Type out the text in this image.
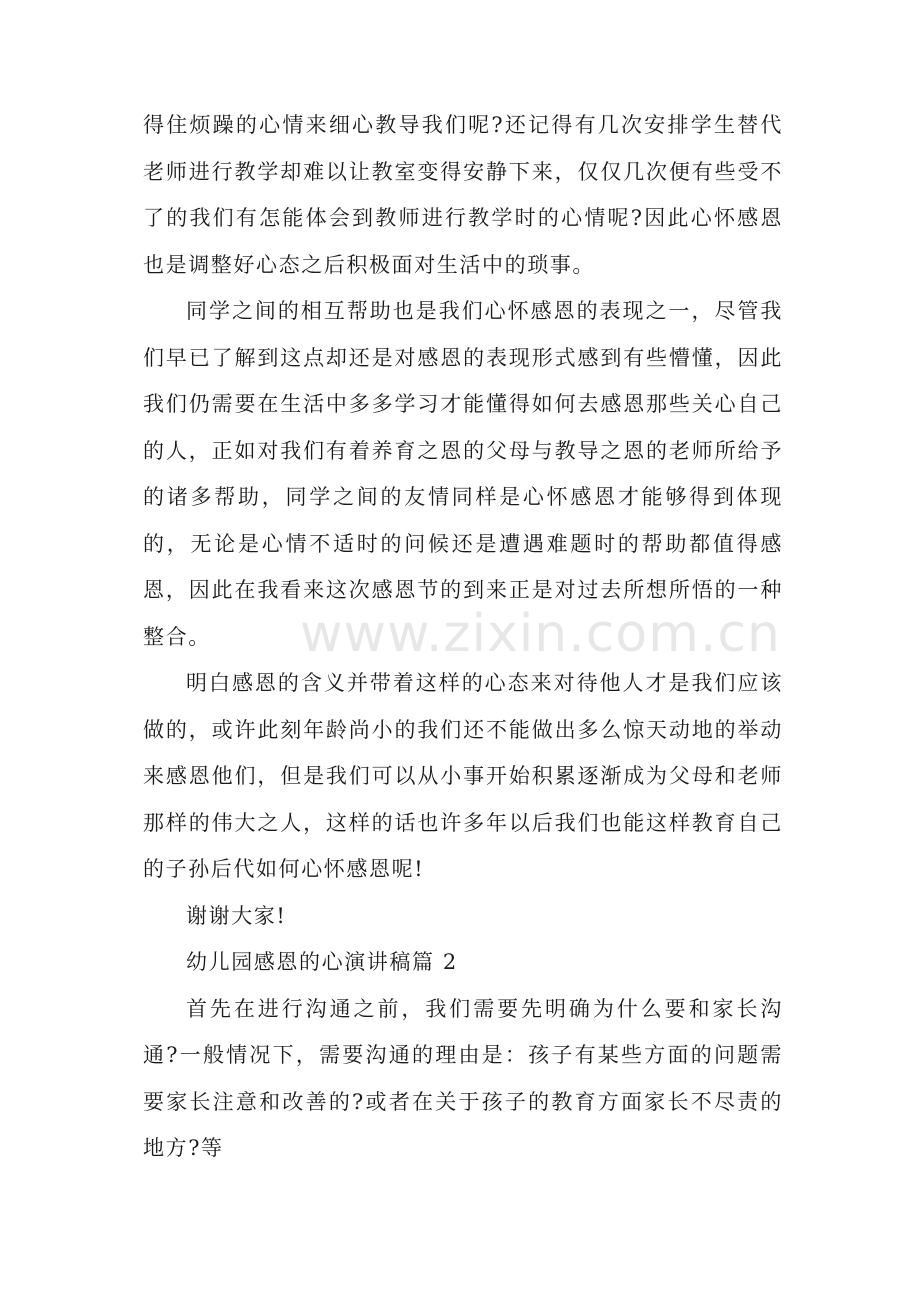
得住烦躁的心情来细心教导我们呢?还记得有几次安排学生替代老师进行教学却难以让教室变得安静下来，仅仅几次便有些受不了的我们有怎能体会到教师进行教学时的心情呢?因此心怀感恩也是调整好心态之后积极面对生活中的琐事。

同学之间的相互帮助也是我们心怀感恩的表现之一，尽管我们早已了解到这点却还是对感恩的表现形式感到有些懵懂，因此我们仍需要在生活中多多学习才能懂得如何去感恩那些关心自己的人，正如对我们有着养育之恩的父母与教导之恩的老师所给予的诸多帮助，同学之间的友情同样是心怀感恩才能够得到体现的，无论是心情不适时的问候还是遭遇难题时的帮助都值得感恩，因此在我看来这次感恩节的到来正是对过去所想所悟的一种整合。

明白感恩的含义并带着这样的心态来对待他人才是我们应该做的，或许此刻年龄尚小的我们还不能做出多么惊天动地的举动来感恩他们，但是我们可以从小事开始积累逐渐成为父母和老师那样的伟大之人，这样的话也许多年以后我们也能这样教育自己的子孙后代如何心怀感恩呢!

谢谢大家!

幼儿园感恩的心演讲稿篇 2

首先在进行沟通之前，我们需要先明确为什么要和家长沟通?一般情况下，需要沟通的理由是：孩子有某些方面的问题需要家长注意和改善的?或者在关于孩子的教育方面家长不尽责的地方?等

www.zixin.com.cn
